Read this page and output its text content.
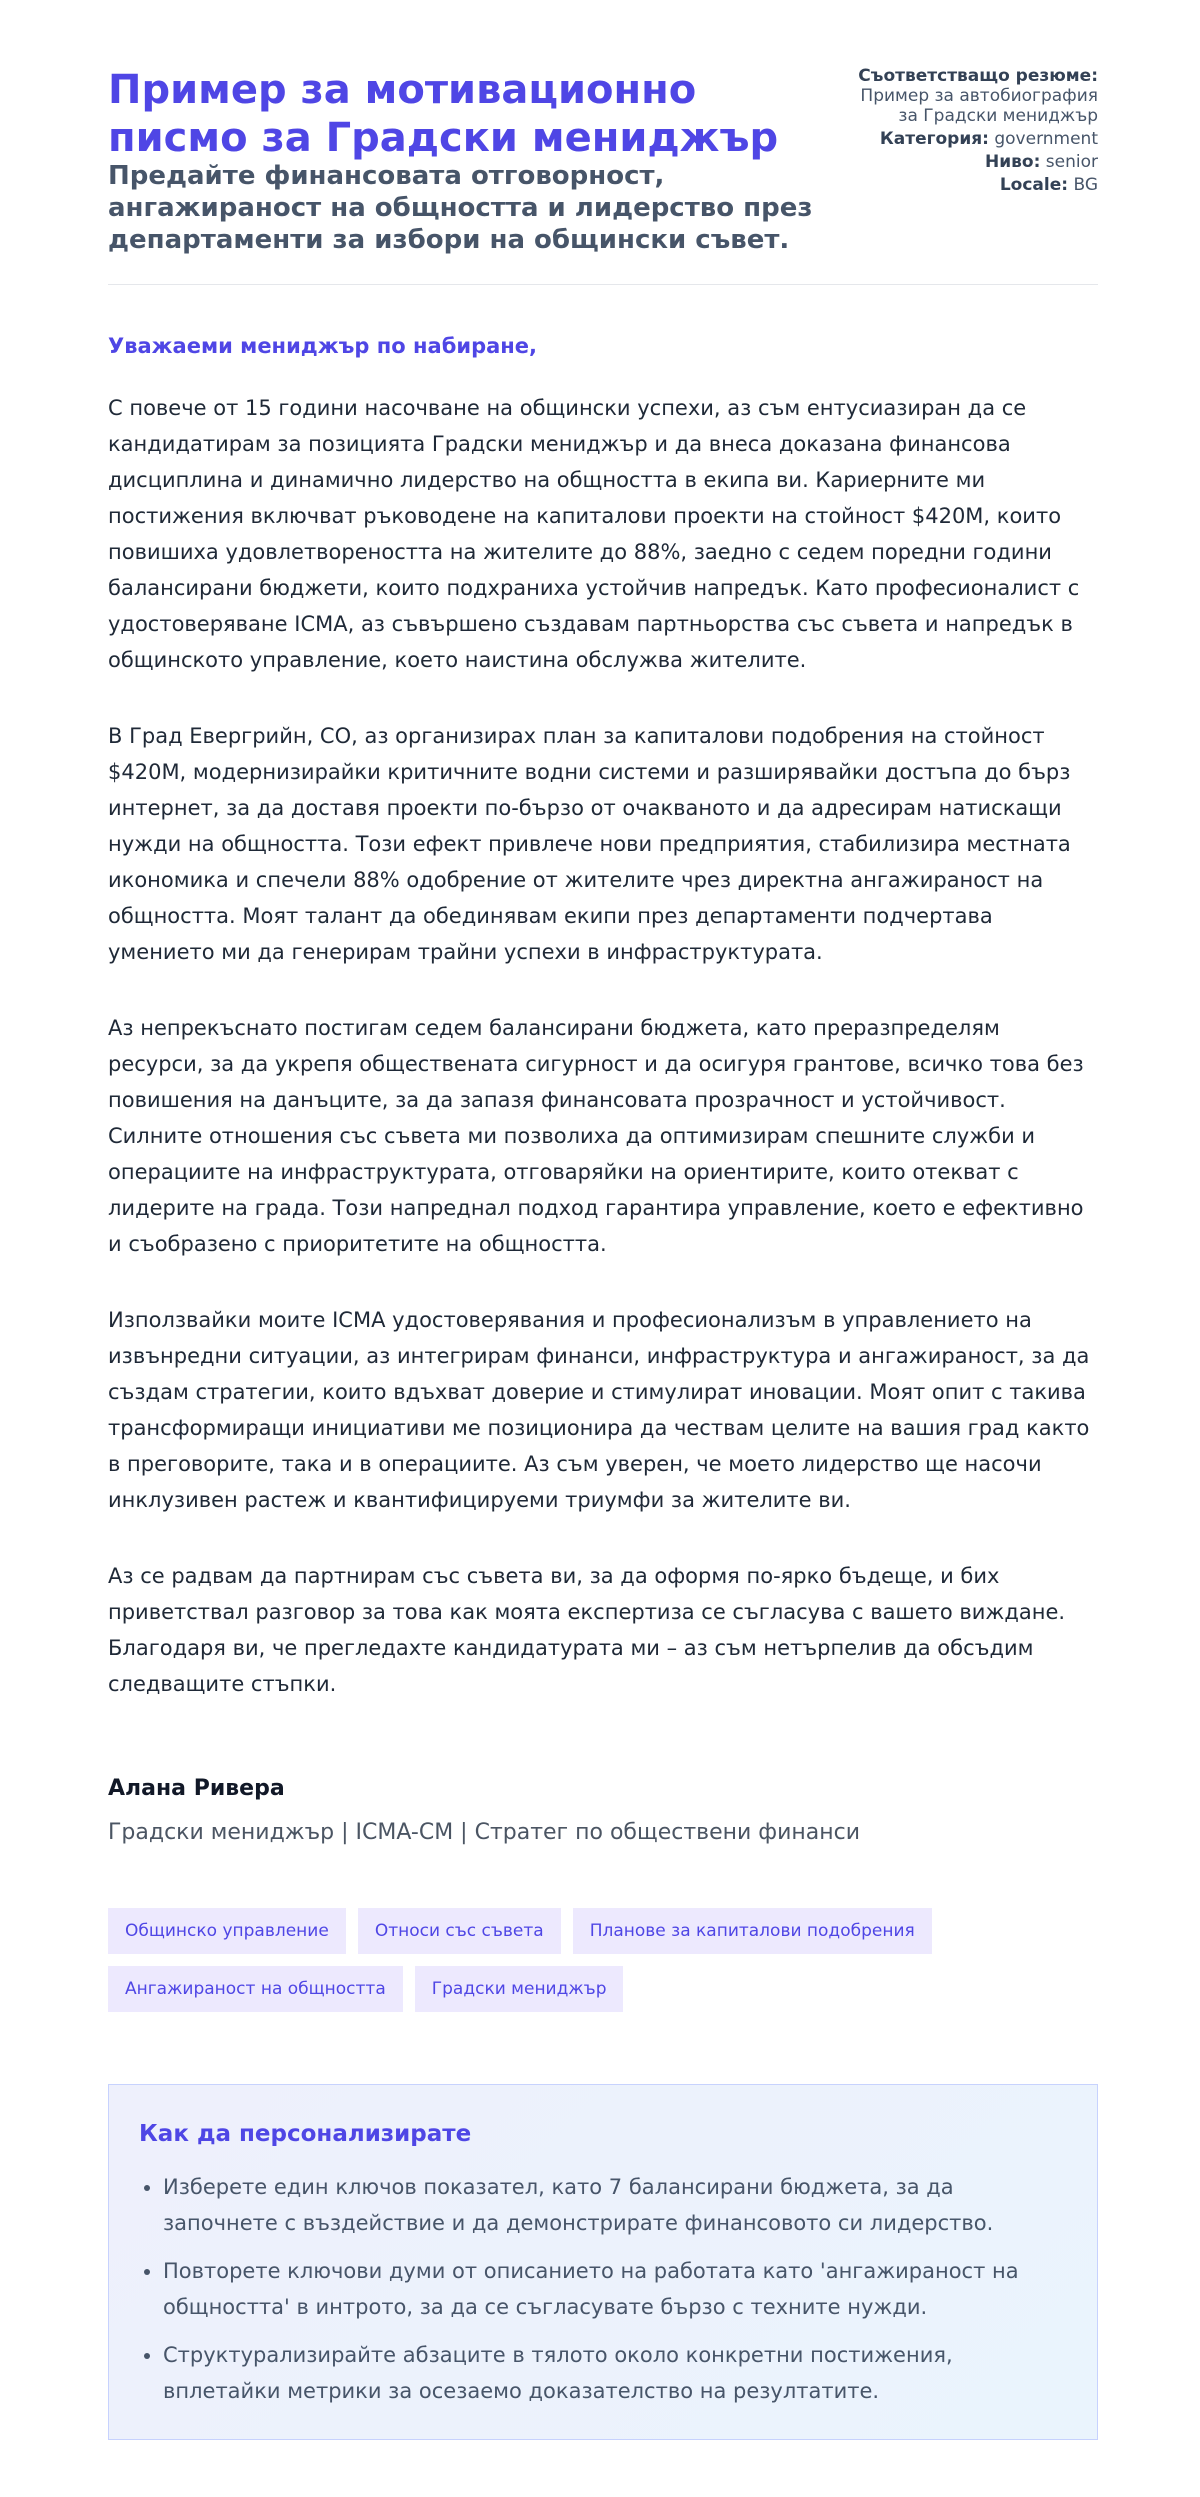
Пример за мотивационно писмо за Градски мениджър

Предайте финансовата отговорност, ангажираност на общността и лидерство през департаменти за избори на общински съвет.

Съответстващо резюме:
Пример за автобиография за Градски мениджър
Категория: government
Ниво: senior
Locale: BG

Уважаеми мениджър по набиране,

С повече от 15 години насочване на общински успехи, аз съм ентусиазиран да се кандидатирам за позицията Градски мениджър и да внеса доказана финансова дисциплина и динамично лидерство на общността в екипа ви. Кариерните ми постижения включват ръководене на капиталови проекти на стойност $420M, които повишиха удовлетвореността на жителите до 88%, заедно с седем поредни години балансирани бюджети, които подхраниха устойчив напредък. Като професионалист с удостоверяване ICMA, аз съвършено създавам партньорства със съвета и напредък в общинското управление, което наистина обслужва жителите.

В Град Евергрийн, СО, аз организирах план за капиталови подобрения на стойност $420M, модернизирайки критичните водни системи и разширявайки достъпа до бърз интернет, за да доставя проекти по-бързо от очакваното и да адресирам натискащи нужди на общността. Този ефект привлече нови предприятия, стабилизира местната икономика и спечели 88% одобрение от жителите чрез директна ангажираност на общността. Моят талант да обединявам екипи през департаменти подчертава умението ми да генерирам трайни успехи в инфраструктурата.

Аз непрекъснато постигам седем балансирани бюджета, като преразпределям ресурси, за да укрепя обществената сигурност и да осигуря грантове, всичко това без повишения на данъците, за да запазя финансовата прозрачност и устойчивост. Силните отношения със съвета ми позволиха да оптимизирам спешните служби и операциите на инфраструктурата, отговаряйки на ориентирите, които отекват с лидерите на града. Този напреднал подход гарантира управление, което е ефективно и съобразено с приоритетите на общността.

Използвайки моите ICMA удостоверявания и професионализъм в управлението на извънредни ситуации, аз интегрирам финанси, инфраструктура и ангажираност, за да създам стратегии, които вдъхват доверие и стимулират иновации. Моят опит с такива трансформиращи инициативи ме позиционира да чествам целите на вашия град както в преговорите, така и в операциите. Аз съм уверен, че моето лидерство ще насочи инклузивен растеж и квантифицируеми триумфи за жителите ви.

Аз се радвам да партнирам със съвета ви, за да оформя по-ярко бъдеще, и бих приветствал разговор за това как моята експертиза се съгласува с вашето виждане. Благодаря ви, че прегледахте кандидатурата ми – аз съм нетърпелив да обсъдим следващите стъпки.

Алана Ривера

Градски мениджър | ICMA-CM | Стратег по обществени финанси

Общинско управление	Относи със съвета	Планове за капиталови подобрения
Ангажираност на общността	Градски мениджър
Как да персонализирате
• Изберете един ключов показател, като 7 балансирани бюджета, за да започнете с въздействие и да демонстрирате финансовото си лидерство.
• Повторете ключови думи от описанието на работата като 'ангажираност на общността' в интрото, за да се съгласувате бързо с техните нужди.
• Структурализирайте абзаците в тялото около конкретни постижения, вплетайки метрики за осезаемо доказателство на резултатите.
